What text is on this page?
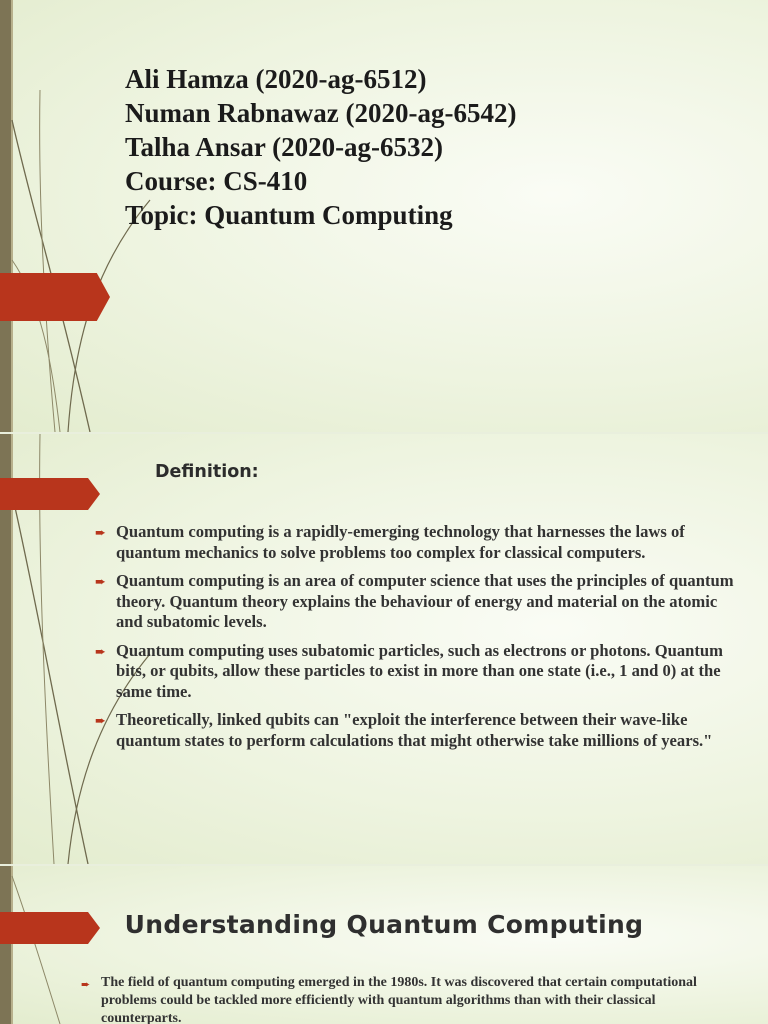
Ali Hamza (2020-ag-6512)
Numan Rabnawaz (2020-ag-6542)
Talha Ansar (2020-ag-6532)
Course: CS-410
Topic: Quantum Computing
Definition:
➨ Quantum computing is a rapidly-emerging technology that harnesses the laws of quantum mechanics to solve problems too complex for classical computers.
➨ Quantum computing is an area of computer science that uses the principles of quantum theory. Quantum theory explains the behaviour of energy and material on the atomic and subatomic levels.
➨ Quantum computing uses subatomic particles, such as electrons or photons. Quantum bits, or qubits, allow these particles to exist in more than one state (i.e., 1 and 0) at the same time.
➨ Theoretically, linked qubits can "exploit the interference between their wave-like quantum states to perform calculations that might otherwise take millions of years."
Understanding Quantum Computing
➨ The field of quantum computing emerged in the 1980s. It was discovered that certain computational problems could be tackled more efficiently with quantum algorithms than with their classical counterparts.
